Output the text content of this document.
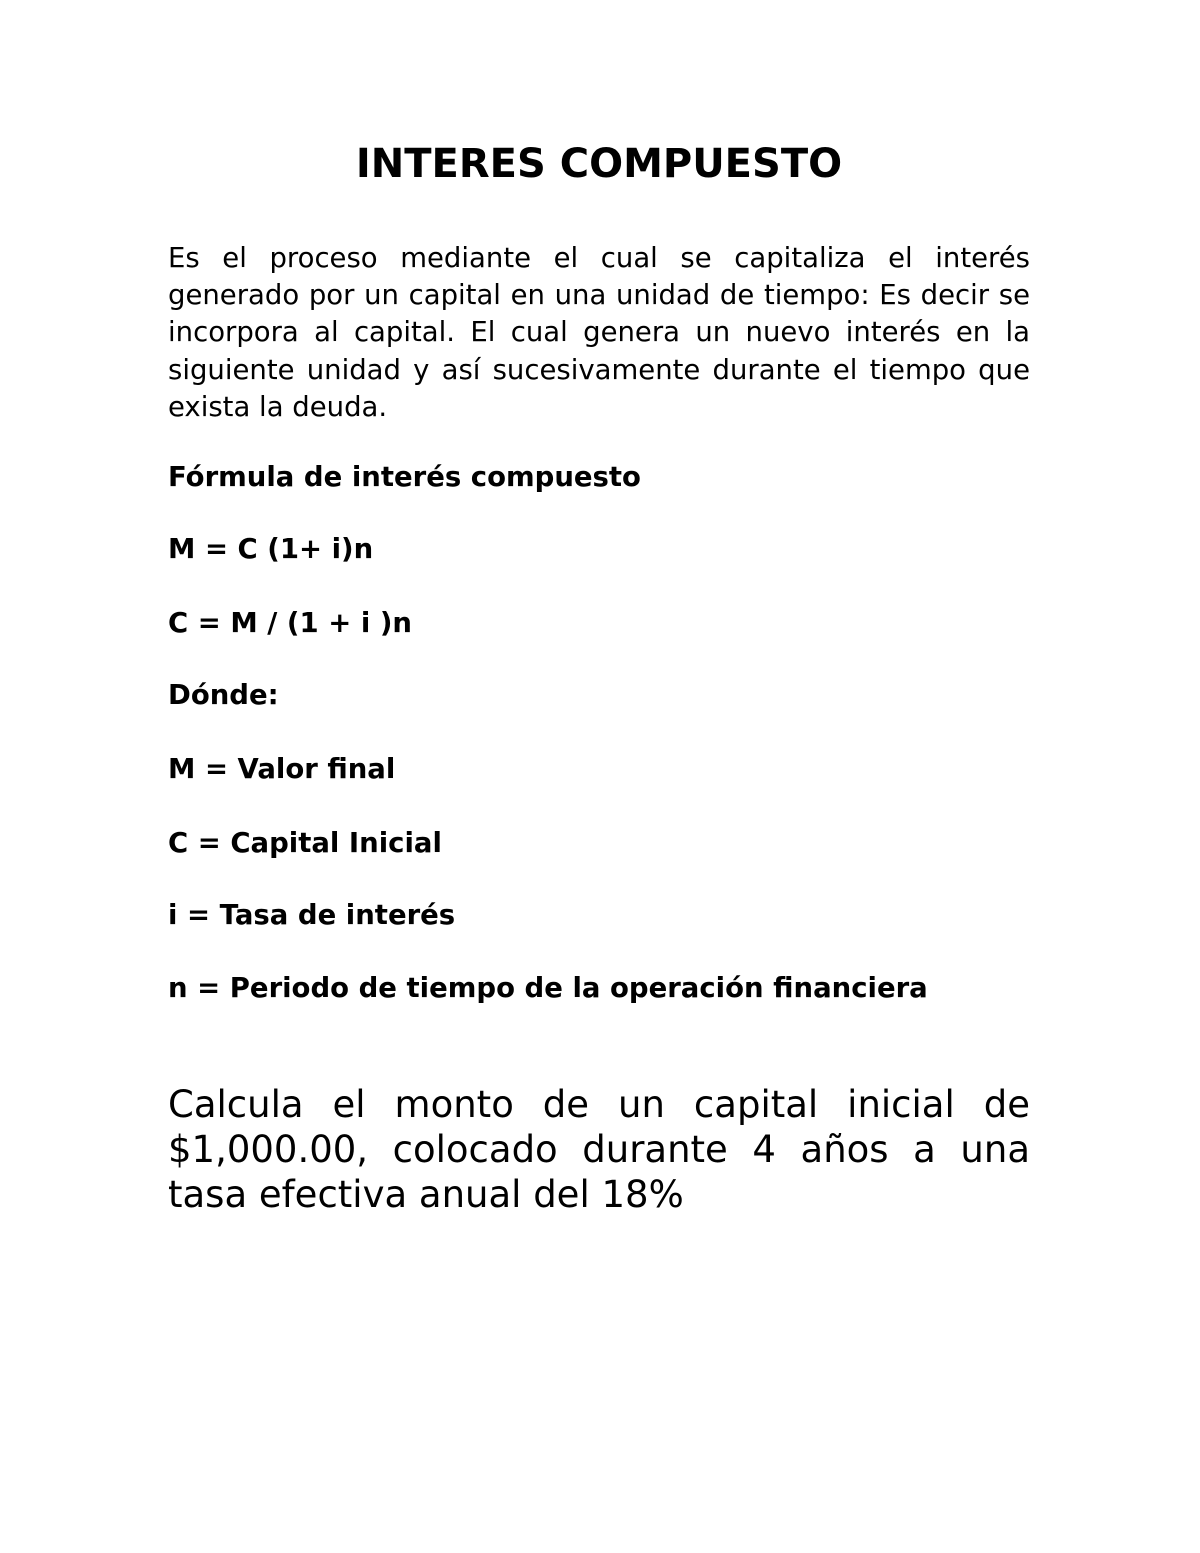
INTERES COMPUESTO

Es el proceso mediante el cual se capitaliza el interés generado por un capital en una unidad de tiempo: Es decir se incorpora al capital. El cual genera un nuevo interés en la siguiente unidad y así sucesivamente durante el tiempo que exista la deuda.

Fórmula de interés compuesto

M = C (1+ i)n

C = M / (1 + i )n

Dónde:

M = Valor final

C = Capital Inicial

i = Tasa de interés

n = Periodo de tiempo de la operación financiera

Calcula el monto de un capital inicial de $1,000.00, colocado durante 4 años a una tasa efectiva anual del 18%
